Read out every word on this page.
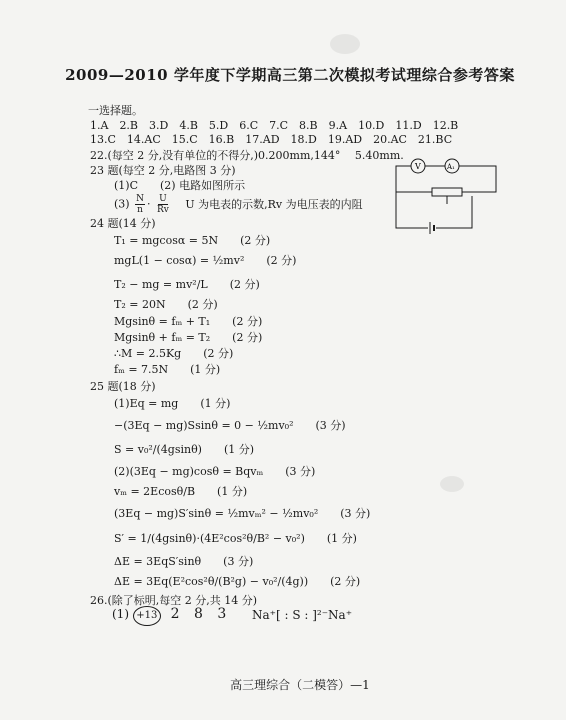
2009—2010 学年度下学期高三第二次模拟考试理综合参考答案
一选择题。
1.A　2.B　3.D　4.B　5.D　6.C　7.C　8.B　9.A　10.D　11.D　12.B
13.C　14.AC　15.C　16.B　17.AD　18.D　19.AD　20.AC　21.BC
22.(每空 2 分,没有单位的不得分,)0.200mm,144°　 5.40mm.
23 题(每空 2 分,电路图 3 分)
(1)C　　(2) 电路如图所示
$(3) \frac{N}{n} \cdot \frac{U}{Rv}$ U 为电表的示数,Rv 为电压表的内阻
V	A₁
24 题(14 分)
T₁ = mgcosα = 5N　　(2 分)
mgL(1 − cosα) = ½mv²　　(2 分)
T₂ − mg = mv²/L　　(2 分)
T₂ = 20N　　(2 分)
Mgsinθ = fₘ + T₁　　(2 分)
Mgsinθ + fₘ = T₂　　(2 分)
∴M = 2.5Kg　　(2 分)
fₘ = 7.5N　　(1 分)
25 题(18 分)
(1)Eq = mg　　(1 分)
−(3Eq − mg)Ssinθ = 0 − ½mv₀²　　(3 分)
S = v₀²/(4gsinθ)　　(1 分)
(2)(3Eq − mg)cosθ = Bqvₘ　　(3 分)
vₘ = 2Ecosθ/B　　(1 分)
(3Eq − mg)S′sinθ = ½mvₘ² − ½mv₀²　　(3 分)
S′ = 1/(4gsinθ)·(4E²cos²θ/B² − v₀²)　　(1 分)
ΔE = 3EqS′sinθ　　(3 分)
ΔE = 3Eq(E²cos²θ/(B²g) − v₀²/(4g))　　(2 分)
26.(除了标明,每空 2 分,共 14 分)
(1) +13 2 8 3 Na⁺[ : S : ]²⁻Na⁺
高三理综合（二模答）—1
